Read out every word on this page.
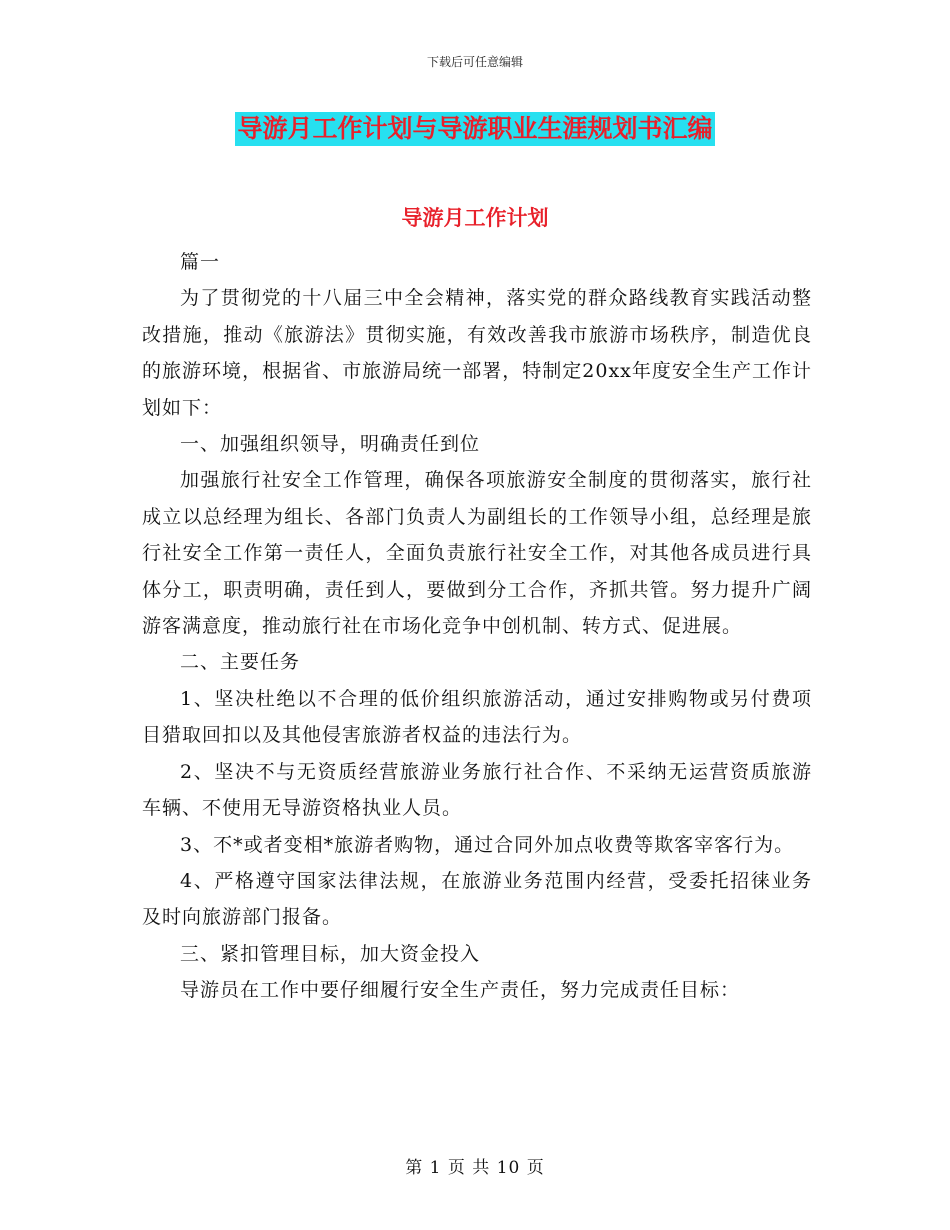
下载后可任意编辑
导游月工作计划与导游职业生涯规划书汇编
导游月工作计划

篇一

为了贯彻党的十八届三中全会精神，落实党的群众路线教育实践活动整改措施，推动《旅游法》贯彻实施，有效改善我市旅游市场秩序，制造优良的旅游环境，根据省、市旅游局统一部署，特制定20xx年度安全生产工作计划如下：

一、加强组织领导，明确责任到位

加强旅行社安全工作管理，确保各项旅游安全制度的贯彻落实，旅行社成立以总经理为组长、各部门负责人为副组长的工作领导小组，总经理是旅行社安全工作第一责任人，全面负责旅行社安全工作，对其他各成员进行具体分工，职责明确，责任到人，要做到分工合作，齐抓共管。努力提升广阔游客满意度，推动旅行社在市场化竞争中创机制、转方式、促进展。

二、主要任务

1、坚决杜绝以不合理的低价组织旅游活动，通过安排购物或另付费项目猎取回扣以及其他侵害旅游者权益的违法行为。

2、坚决不与无资质经营旅游业务旅行社合作、不采纳无运营资质旅游车辆、不使用无导游资格执业人员。

3、不*或者变相*旅游者购物，通过合同外加点收费等欺客宰客行为。

4、严格遵守国家法律法规，在旅游业务范围内经营，受委托招徕业务及时向旅游部门报备。

三、紧扣管理目标，加大资金投入

导游员在工作中要仔细履行安全生产责任，努力完成责任目标：

第 1 页 共 10 页
